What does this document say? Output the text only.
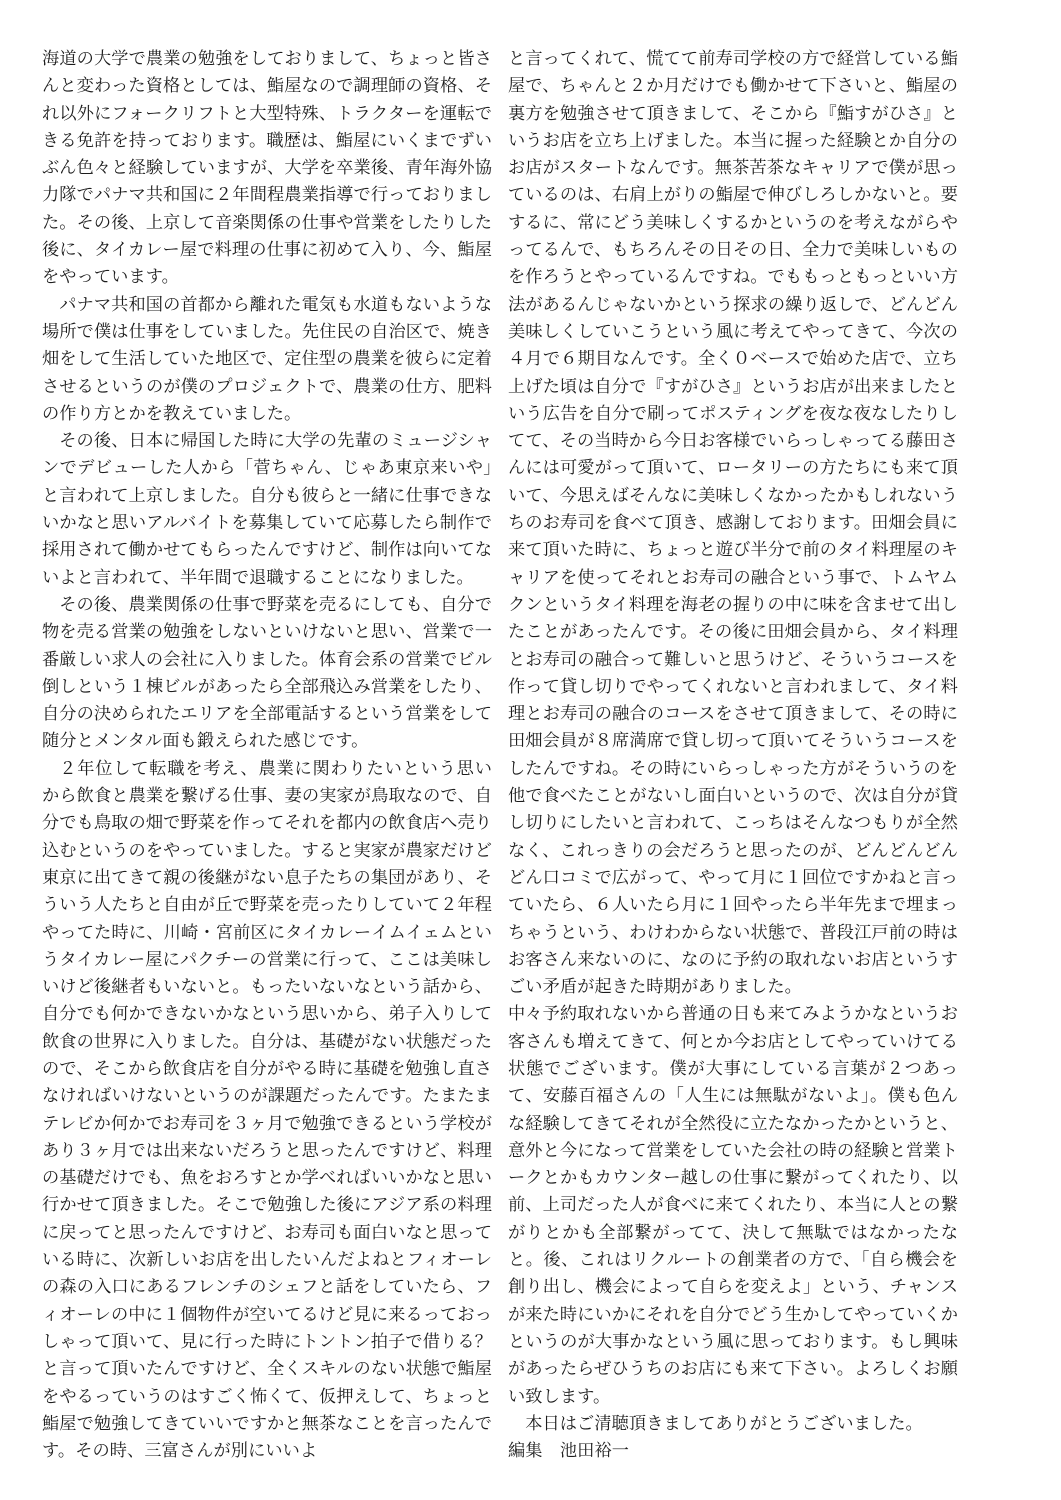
海道の大学で農業の勉強をしておりまして、ちょっと皆さんと変わった資格としては、鮨屋なので調理師の資格、それ以外にフォークリフトと大型特殊、トラクターを運転できる免許を持っております。職歴は、鮨屋にいくまでずいぶん色々と経験していますが、大学を卒業後、青年海外協力隊でパナマ共和国に２年間程農業指導で行っておりました。その後、上京して音楽関係の仕事や営業をしたりした後に、タイカレー屋で料理の仕事に初めて入り、今、鮨屋をやっています。

パナマ共和国の首都から離れた電気も水道もないような場所で僕は仕事をしていました。先住民の自治区で、焼き畑をして生活していた地区で、定住型の農業を彼らに定着させるというのが僕のプロジェクトで、農業の仕方、肥料の作り方とかを教えていました。

その後、日本に帰国した時に大学の先輩のミュージシャンでデビューした人から「菅ちゃん、じゃあ東京来いや」と言われて上京しました。自分も彼らと一緒に仕事できないかなと思いアルバイトを募集していて応募したら制作で採用されて働かせてもらったんですけど、制作は向いてないよと言われて、半年間で退職することになりました。

その後、農業関係の仕事で野菜を売るにしても、自分で物を売る営業の勉強をしないといけないと思い、営業で一番厳しい求人の会社に入りました。体育会系の営業でビル倒しという１棟ビルがあったら全部飛込み営業をしたり、自分の決められたエリアを全部電話するという営業をして随分とメンタル面も鍛えられた感じです。

２年位して転職を考え、農業に関わりたいという思いから飲食と農業を繋げる仕事、妻の実家が鳥取なので、自分でも鳥取の畑で野菜を作ってそれを都内の飲食店へ売り込むというのをやっていました。すると実家が農家だけど東京に出てきて親の後継がない息子たちの集団があり、そういう人たちと自由が丘で野菜を売ったりしていて２年程やってた時に、川崎・宮前区にタイカレーイムイェムというタイカレー屋にパクチーの営業に行って、ここは美味しいけど後継者もいないと。もったいないなという話から、自分でも何かできないかなという思いから、弟子入りして飲食の世界に入りました。自分は、基礎がない状態だったので、そこから飲食店を自分がやる時に基礎を勉強し直さなければいけないというのが課題だったんです。たまたまテレビか何かでお寿司を３ヶ月で勉強できるという学校があり３ヶ月では出来ないだろうと思ったんですけど、料理の基礎だけでも、魚をおろすとか学べればいいかなと思い行かせて頂きました。そこで勉強した後にアジア系の料理に戻ってと思ったんですけど、お寿司も面白いなと思っている時に、次新しいお店を出したいんだよねとフィオーレの森の入口にあるフレンチのシェフと話をしていたら、フィオーレの中に１個物件が空いてるけど見に来るっておっしゃって頂いて、見に行った時にトントン拍子で借りる？と言って頂いたんですけど、全くスキルのない状態で鮨屋をやるっていうのはすごく怖くて、仮押えして、ちょっと鮨屋で勉強してきていいですかと無茶なことを言ったんです。その時、三富さんが別にいいよ

と言ってくれて、慌てて前寿司学校の方で経営している鮨屋で、ちゃんと２か月だけでも働かせて下さいと、鮨屋の裏方を勉強させて頂きまして、そこから『鮨すがひさ』というお店を立ち上げました。本当に握った経験とか自分のお店がスタートなんです。無茶苦茶なキャリアで僕が思っているのは、右肩上がりの鮨屋で伸びしろしかないと。要するに、常にどう美味しくするかというのを考えながらやってるんで、もちろんその日その日、全力で美味しいものを作ろうとやっているんですね。でももっともっといい方法があるんじゃないかという探求の繰り返しで、どんどん美味しくしていこうという風に考えてやってきて、今次の４月で６期目なんです。全く０ベースで始めた店で、立ち上げた頃は自分で『すがひさ』というお店が出来ましたという広告を自分で刷ってポスティングを夜な夜なしたりしてて、その当時から今日お客様でいらっしゃってる藤田さんには可愛がって頂いて、ロータリーの方たちにも来て頂いて、今思えばそんなに美味しくなかったかもしれないうちのお寿司を食べて頂き、感謝しております。田畑会員に来て頂いた時に、ちょっと遊び半分で前のタイ料理屋のキャリアを使ってそれとお寿司の融合という事で、トムヤムクンというタイ料理を海老の握りの中に味を含ませて出したことがあったんです。その後に田畑会員から、タイ料理とお寿司の融合って難しいと思うけど、そういうコースを作って貸し切りでやってくれないと言われまして、タイ料理とお寿司の融合のコースをさせて頂きまして、その時に田畑会員が８席満席で貸し切って頂いてそういうコースをしたんですね。その時にいらっしゃった方がそういうのを他で食べたことがないし面白いというので、次は自分が貸し切りにしたいと言われて、こっちはそんなつもりが全然なく、これっきりの会だろうと思ったのが、どんどんどんどん口コミで広がって、やって月に１回位ですかねと言っていたら、６人いたら月に１回やったら半年先まで埋まっちゃうという、わけわからない状態で、普段江戸前の時はお客さん来ないのに、なのに予約の取れないお店というすごい矛盾が起きた時期がありました。

中々予約取れないから普通の日も来てみようかなというお客さんも増えてきて、何とか今お店としてやっていけてる状態でございます。僕が大事にしている言葉が２つあって、安藤百福さんの「人生には無駄がないよ」。僕も色んな経験してきてそれが全然役に立たなかったかというと、意外と今になって営業をしていた会社の時の経験と営業トークとかもカウンター越しの仕事に繋がってくれたり、以前、上司だった人が食べに来てくれたり、本当に人との繋がりとかも全部繋がってて、決して無駄ではなかったなと。後、これはリクルートの創業者の方で、「自ら機会を創り出し、機会によって自らを変えよ」という、チャンスが来た時にいかにそれを自分でどう生かしてやっていくかというのが大事かなという風に思っております。もし興味があったらぜひうちのお店にも来て下さい。よろしくお願い致します。

本日はご清聴頂きましてありがとうございました。

編集　池田裕一
